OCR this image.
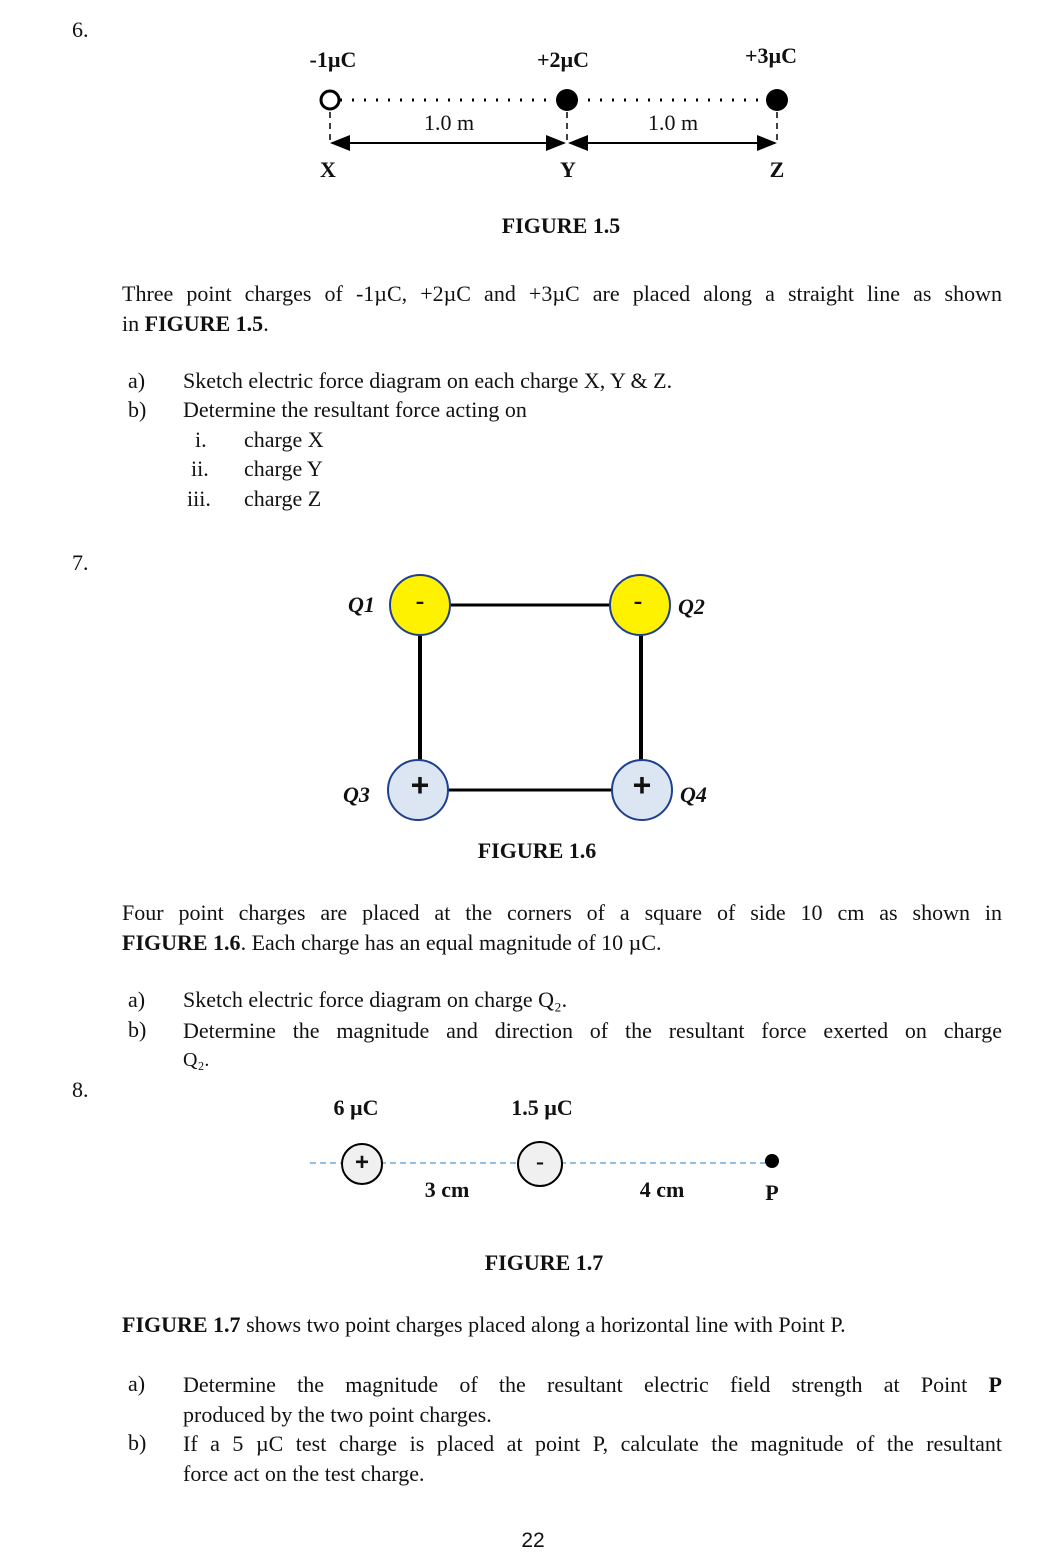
6.
-1µC	+2µC	+3µC
1.0 m	1.0 m
X	Y	Z
FIGURE 1.5
Three point charges of -1µC, +2µC and +3µC are placed along a straight line as shown
in FIGURE 1.5.
a) Sketch electric force diagram on each charge X, Y & Z.
b) Determine the resultant force acting on
i. charge X
ii. charge Y
iii. charge Z
7.
Q1	Q2
Q3	Q4
-	-
+	+
FIGURE 1.6
Four point charges are placed at the corners of a square of side 10 cm as shown in
FIGURE 1.6. Each charge has an equal magnitude of 10 µC.
a) Sketch electric force diagram on charge Q₂.
b) Determine the magnitude and direction of the resultant force exerted on charge
Q₂.
8.
6 µC	1.5 µC
+	-
3 cm	4 cm	P
FIGURE 1.7
FIGURE 1.7 shows two point charges placed along a horizontal line with Point P.
a) Determine the magnitude of the resultant electric field strength at Point P
produced by the two point charges.
b) If a 5 µC test charge is placed at point P, calculate the magnitude of the resultant
force act on the test charge.
22
